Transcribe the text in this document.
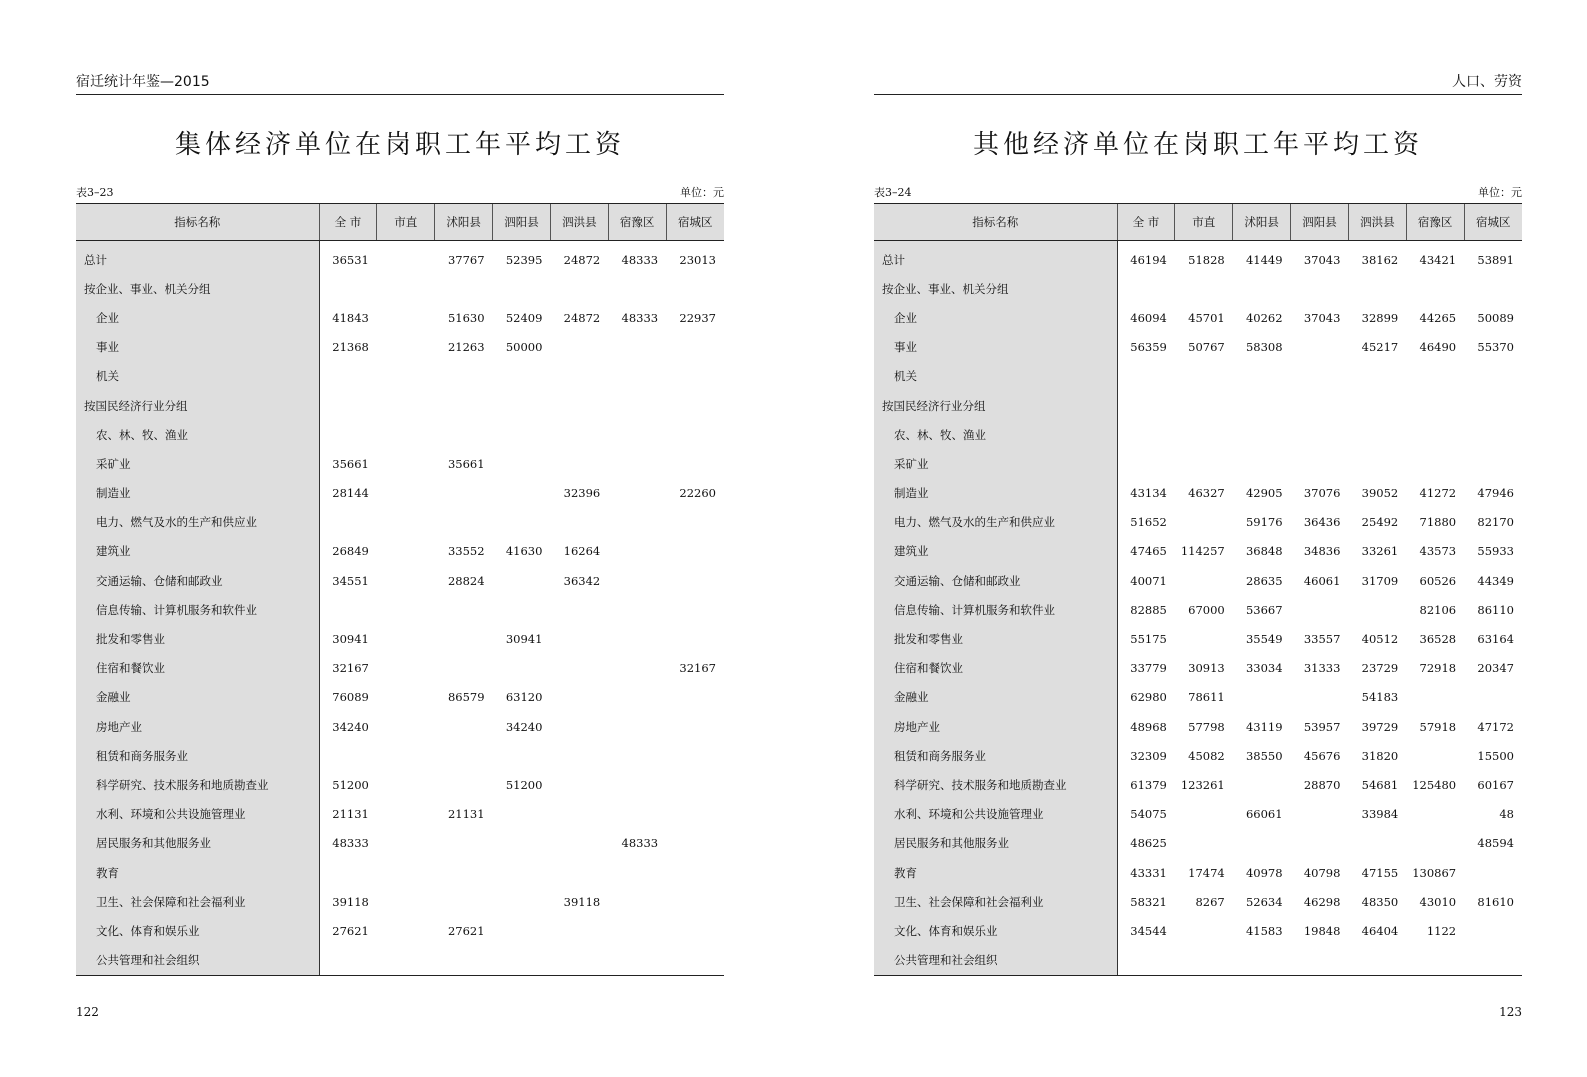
宿迁统计年鉴—2015
集体经济单位在岗职工年平均工资
表3–23	单位：元
指标名称	全 市	市直	沭阳县	泗阳县	泗洪县	宿豫区	宿城区
总计	36531		37767	52395	24872	48333	23013
按企业、事业、机关分组							
企业	41843		51630	52409	24872	48333	22937
事业	21368		21263	50000			
机关							
按国民经济行业分组							
农、林、牧、渔业							
采矿业	35661		35661				
制造业	28144				32396		22260
电力、燃气及水的生产和供应业							
建筑业	26849		33552	41630	16264		
交通运输、仓储和邮政业	34551		28824		36342		
信息传输、计算机服务和软件业							
批发和零售业	30941			30941			
住宿和餐饮业	32167						32167
金融业	76089		86579	63120			
房地产业	34240			34240			
租赁和商务服务业							
科学研究、技术服务和地质勘查业	51200			51200			
水利、环境和公共设施管理业	21131		21131				
居民服务和其他服务业	48333					48333	
教育							
卫生、社会保障和社会福利业	39118				39118		
文化、体育和娱乐业	27621		27621				
公共管理和社会组织							
122
人口、劳资
其他经济单位在岗职工年平均工资
表3–24	单位：元
指标名称	全 市	市直	沭阳县	泗阳县	泗洪县	宿豫区	宿城区
总计	46194	51828	41449	37043	38162	43421	53891
按企业、事业、机关分组							
企业	46094	45701	40262	37043	32899	44265	50089
事业	56359	50767	58308		45217	46490	55370
机关							
按国民经济行业分组							
农、林、牧、渔业							
采矿业							
制造业	43134	46327	42905	37076	39052	41272	47946
电力、燃气及水的生产和供应业	51652		59176	36436	25492	71880	82170
建筑业	47465	114257	36848	34836	33261	43573	55933
交通运输、仓储和邮政业	40071		28635	46061	31709	60526	44349
信息传输、计算机服务和软件业	82885	67000	53667			82106	86110
批发和零售业	55175		35549	33557	40512	36528	63164
住宿和餐饮业	33779	30913	33034	31333	23729	72918	20347
金融业	62980	78611			54183		
房地产业	48968	57798	43119	53957	39729	57918	47172
租赁和商务服务业	32309	45082	38550	45676	31820		15500
科学研究、技术服务和地质勘查业	61379	123261		28870	54681	125480	60167
水利、环境和公共设施管理业	54075		66061		33984		48
居民服务和其他服务业	48625						48594
教育	43331	17474	40978	40798	47155	130867	
卫生、社会保障和社会福利业	58321	8267	52634	46298	48350	43010	81610
文化、体育和娱乐业	34544		41583	19848	46404	1122	
公共管理和社会组织							
123
